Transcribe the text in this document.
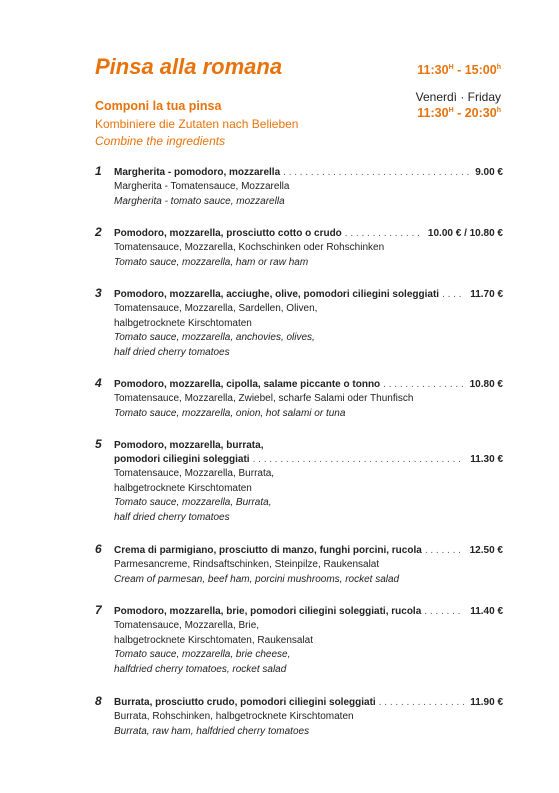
Pinsa alla romana	$11:30^H$ - 15:00$^h$
Venerdì · Friday
$11:30^H$ - 20:30$^h$
Componi la tua pinsa
Kombiniere die Zutaten nach Belieben
Combine the ingredients
1 Margherita - pomodoro, mozzarella . . .	9.00 €
Margherita - Tomatensauce, Mozzarella
Margherita - tomato sauce, mozzarella
2 Pomodoro, mozzarella, prosciutto cotto o crudo . . .	10.00 € / 10.80 €
Tomatensauce, Mozzarella, Kochschinken oder Rohschinken
Tomato sauce, mozzarella, ham or raw ham
3 Pomodoro, mozzarella, acciughe, olive, pomodori ciliegini soleggiati . . .	11.70 €
Tomatensauce, Mozzarella, Sardellen, Oliven,
halbgetrocknete Kirschtomaten
Tomato sauce, mozzarella, anchovies, olives,
half dried cherry tomatoes
4 Pomodoro, mozzarella, cipolla, salame piccante o tonno . . .	10.80 €
Tomatensauce, Mozzarella, Zwiebel, scharfe Salami oder Thunfisch
Tomato sauce, mozzarella, onion, hot salami or tuna
5 Pomodoro, mozzarella, burrata,
pomodori ciliegini soleggiati . . .	11.30 €
Tomatensauce, Mozzarella, Burrata,
halbgetrocknete Kirschtomaten
Tomato sauce, mozzarella, Burrata,
half dried cherry tomatoes
6 Crema di parmigiano, prosciutto di manzo, funghi porcini, rucola . . .	12.50 €
Parmesancreme, Rindsaftschinken, Steinpilze, Raukensalat
Cream of parmesan, beef ham, porcini mushrooms, rocket salad
7 Pomodoro, mozzarella, brie, pomodori ciliegini soleggiati, rucola . . .	11.40 €
Tomatensauce, Mozzarella, Brie,
halbgetrocknete Kirschtomaten, Raukensalat
Tomato sauce, mozzarella, brie cheese,
halfdried cherry tomatoes, rocket salad
8 Burrata, prosciutto crudo, pomodori ciliegini soleggiati . . .	11.90 €
Burrata, Rohschinken, halbgetrocknete Kirschtomaten
Burrata, raw ham, halfdried cherry tomatoes
